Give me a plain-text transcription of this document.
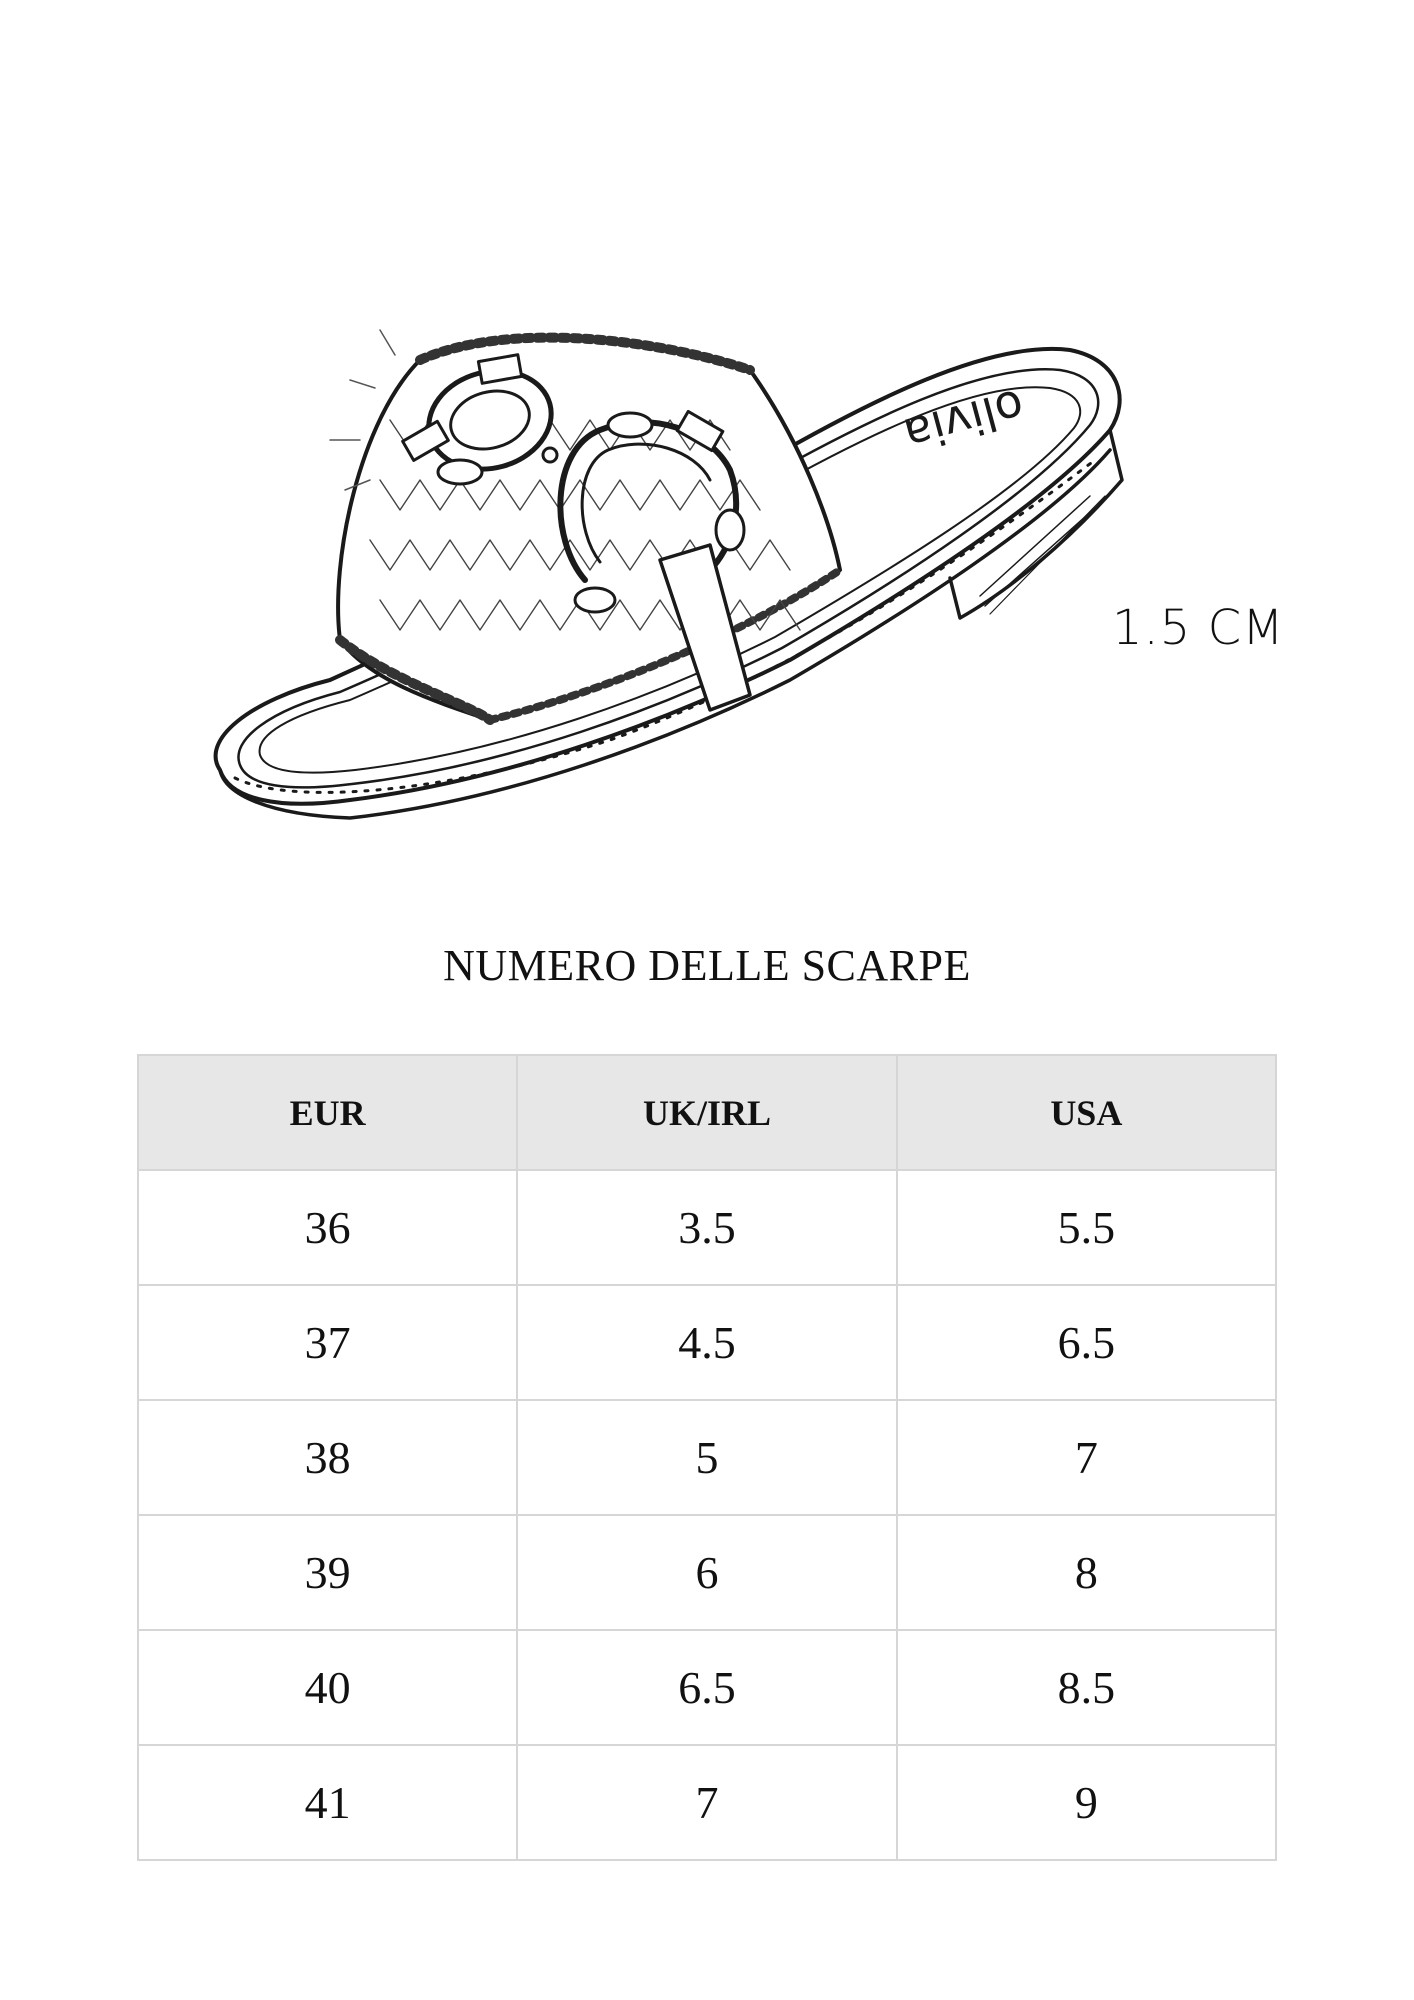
olivia
1.5 CM
NUMERO DELLE SCARPE
EUR	UK/IRL	USA
36	3.5	5.5
37	4.5	6.5
38	5	7
39	6	8
40	6.5	8.5
41	7	9
